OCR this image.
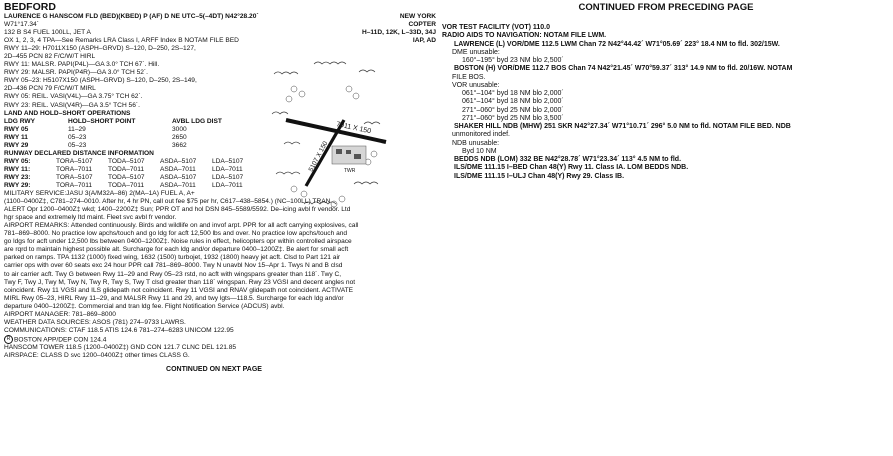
BEDFORD
LAURENCE G HANSCOM FLD (BED)(KBED) P (AF) D NE UTC–5(–4DT) N42°28.20´	NEW YORK
W71°17.34´	COPTER
132 B S4 FUEL 100LL, JET A	H–11D, 12K, L–33D, 34J
OX 1, 2, 3, 4 TPA—See Remarks LRA Class I, ARFF Index B NOTAM FILE BED	IAP, AD
RWY 11–29: H7011X150 (ASPH–GRVD) S–120, D–250, 2S–127,
2D–455 PCN 82 F/C/W/T HIRL
RWY 11: MALSR. PAPI(P4L)—GA 3.0° TCH 67´. Hill.
RWY 29: MALSR. PAPI(P4R)—GA 3.0° TCH 52´.
RWY 05–23: H5107X150 (ASPH–GRVD) S–120, D–250, 2S–149,
2D–436 PCN 79 F/C/W/T MIRL
RWY 05: REIL. VASI(V4L)—GA 3.75° TCH 62´.
RWY 23: REIL. VASI(V4R)—GA 3.5° TCH 56´.
LAND AND HOLD–SHORT OPERATIONS
LDG RWY	HOLD–SHORT POINT	AVBL LDG DIST
RWY 05	11–29	3000
RWY 11	05–23	2650
RWY 29	05–23	3662
RUNWAY DECLARED DISTANCE INFORMATION
RWY 05:	TORA–5107	TODA–5107	ASDA–5107	LDA–5107
RWY 11:	TORA–7011	TODA–7011	ASDA–7011	LDA–7011
RWY 23:	TORA–5107	TODA–5107	ASDA–5107	LDA–5107
RWY 29:	TORA–7011	TODA–7011	ASDA–7011	LDA–7011
MILITARY SERVICE:JASU 3(A/M32A–86) 2(MA–1A) FUEL A, A+
(1100–0400Z‡, C781–274–0010. After hr, 4 hr PN, call out fee $75 per hr, C617–438–5854.) (NC–100LL) TRAN
ALERT Opr 1200–0400Z‡ wkd; 1400–2200Z‡ Sun; PPR OT and hol DSN 845–5589/5592. De–icing avbl fr vendor. Ltd
hgr space and extremely ltd maint. Fleet svc avbl fr vendor.
AIRPORT REMARKS: Attended continuously. Birds and wildlife on and invof arpt. PPR for all acft carrying explosives, call
781–869–8000. No practice low apchs/touch and go ldg for acft 12,500 lbs and over. No practice low apchs/touch and
go ldgs for acft under 12,500 lbs between 0400–1200Z‡. Noise rules in effect, helicopters opr within controlled airspace
are rqrd to maintain highest possible alt. Surcharge for each ldg and/or departure 0400–1200Z‡. Be alert for small acft
parked on ramps. TPA 1132 (1000) fixed wing, 1632 (1500) turbojet, 1932 (1800) heavy jet acft. Clsd to Part 121 air
carrier ops with over 60 seats exc 24 hour PPR call 781–869–8000. Twy N unavbl Nov 15–Apr 1. Twys N and B clsd
to air carrier acft. Twy G between Rwy 11–29 and Rwy 05–23 rstd, no acft with wingspans greater than 118´. Twy C,
Twy F, Twy J, Twy M, Twy N, Twy R, Twy S, Twy T clsd greater than 118´ wingspan. Rwy 23 VGSI and decent angles not
coincident. Rwy 11 VGSI and ILS glidepath not coincident. Rwy 11 VGSI and RNAV glidepath not coincident. ACTIVATE
MIRL Rwy 05–23, HIRL Rwy 11–29, and MALSR Rwy 11 and 29, and twy lgts—118.5. Surcharge for each ldg and/or
departure 0400–1200Z‡. Commercial and tran ldg fee. Flight Notification Service (ADCUS) avbl.
AIRPORT MANAGER: 781–869–8000
WEATHER DATA SOURCES: ASOS (781) 274–9733 LAWRS.
COMMUNICATIONS: CTAF 118.5 ATIS 124.6 781–274–6283 UNICOM 122.95
R BOSTON APP/DEP CON 124.4
HANSCOM TOWER 118.5 (1200–0400Z‡) GND CON 121.7 CLNC DEL 121.85
AIRSPACE: CLASS D svc 1200–0400Z‡ other times CLASS G.
CONTINUED ON NEXT PAGE
7011 X 150
5107 X 150	TWR
CONTINUED FROM PRECEDING PAGE
VOR TEST FACILITY (VOT) 110.0
RADIO AIDS TO NAVIGATION: NOTAM FILE LWM.
LAWRENCE (L) VOR/DME 112.5 LWM Chan 72 N42°44.42´ W71°05.69´ 223° 18.4 NM to fld. 302/15W.
DME unusable:
160°–195° byd 23 NM blo 2,500´
BOSTON (H) VOR/DME 112.7 BOS Chan 74 N42°21.45´ W70°59.37´ 313° 14.9 NM to fld. 20/16W. NOTAM
FILE BOS.
VOR unusable:
061°–104° byd 18 NM blo 2,000´
061°–104° byd 18 NM blo 2,000´
271°–060° byd 25 NM blo 2,000´
271°–060° byd 25 NM blo 3,500´
SHAKER HILL NDB (MHW) 251 SKR N42°27.34´ W71°10.71´ 296° 5.0 NM to fld. NOTAM FILE BED. NDB
unmonitored indef.
NDB unusable:
Byd 10 NM
BEDDS NDB (LOM) 332 BE N42°28.78´ W71°23.34´ 113° 4.5 NM to fld.
ILS/DME 111.15 I–BED Chan 48(Y) Rwy 11. Class IA. LOM BEDDS NDB.
ILS/DME 111.15 I–ULJ Chan 48(Y) Rwy 29. Class IB.
